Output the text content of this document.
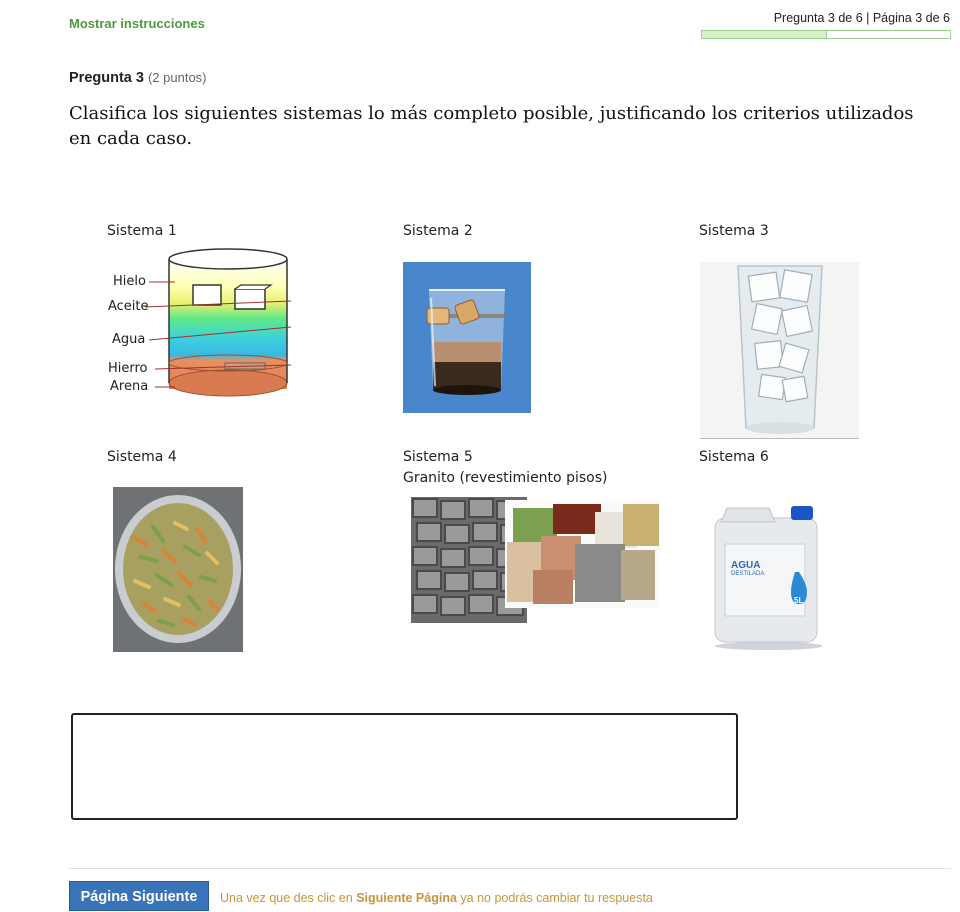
Mostrar instrucciones	Pregunta 3 de 6 | Página 3 de 6
Pregunta 3 (2 puntos)
Clasifica los siguientes sistemas lo más completo posible, justificando los criterios utilizados en cada caso.
Sistema 1	Sistema 2	Sistema 3
Sistema 4	Sistema 5
Granito (revestimiento pisos)
Sistema 6
Hielo
Aceite
Agua
Hierro
Arena
AGUA
DESTILADA
5L
Página Siguiente	Una vez que des clic en Siguiente Página ya no podrás cambiar tu respuesta
